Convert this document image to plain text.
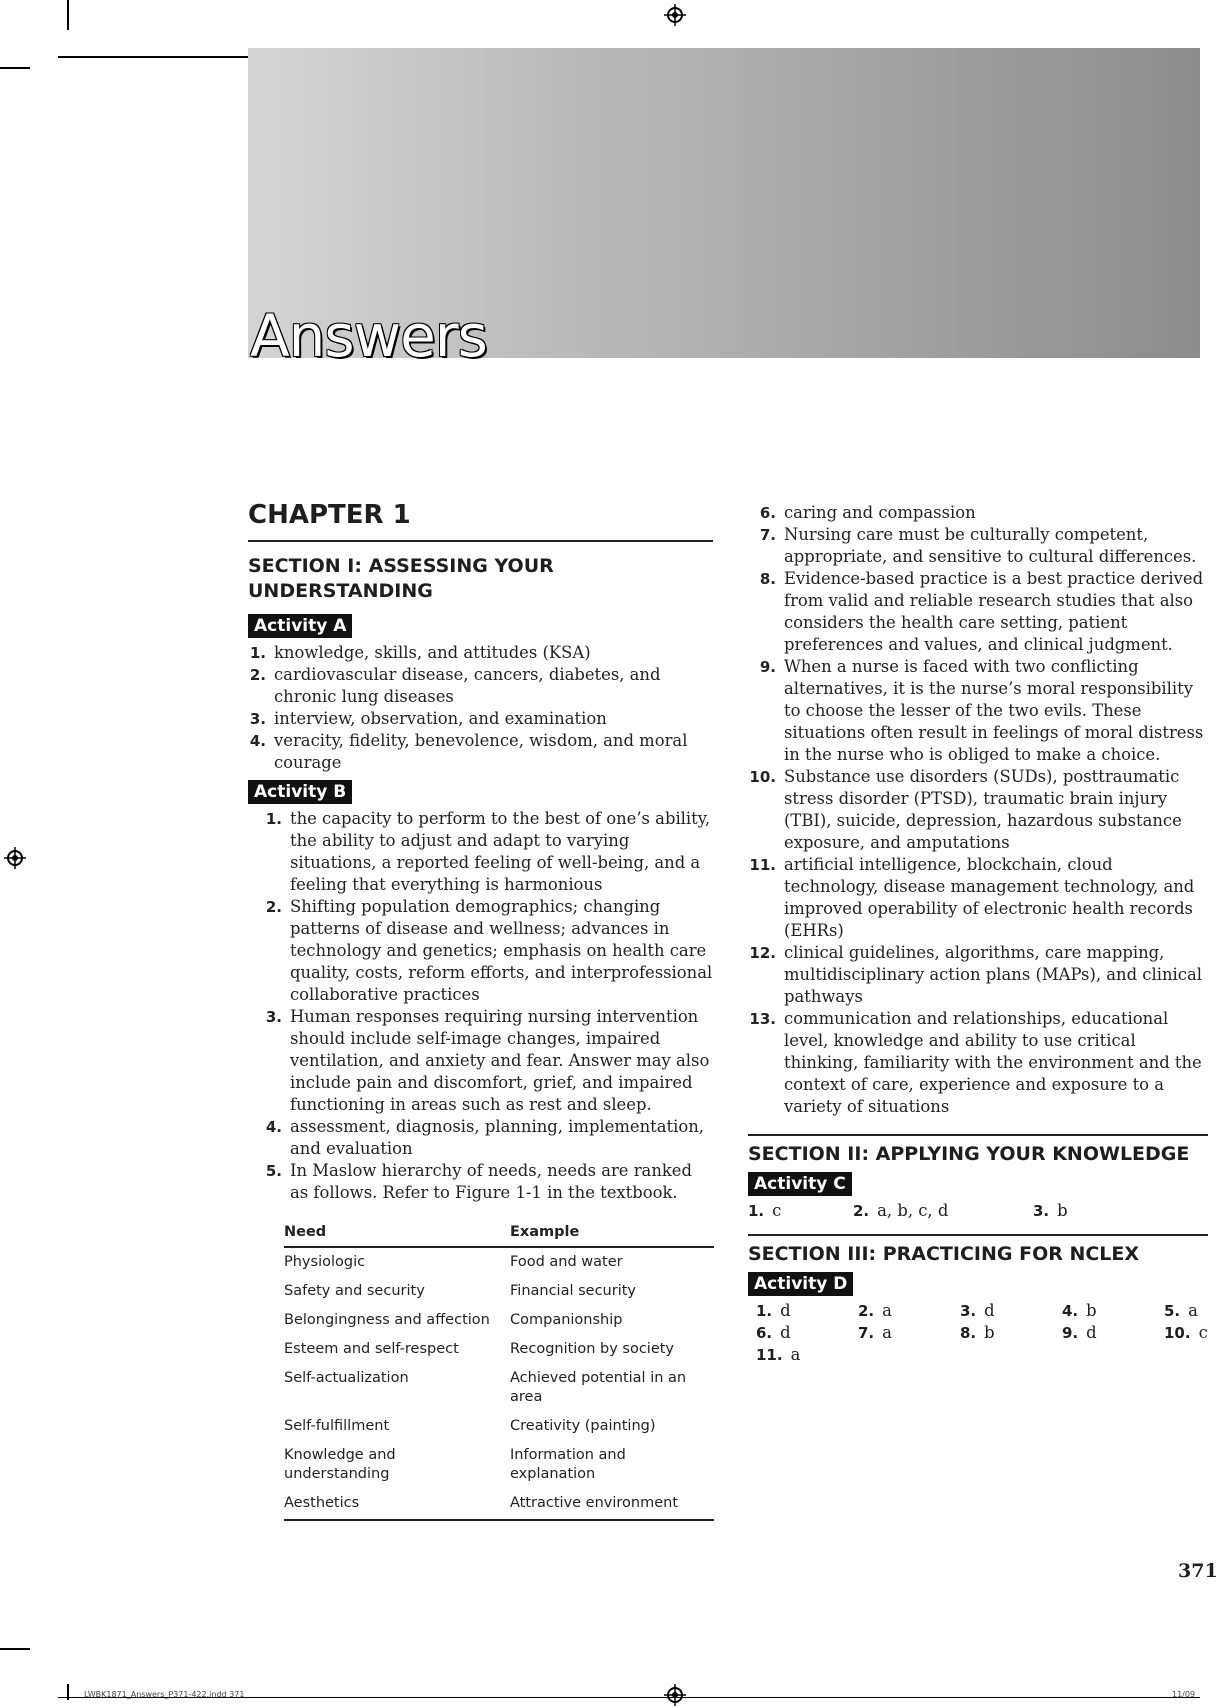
Answers
CHAPTER 1
SECTION I: ASSESSING YOUR
UNDERSTANDING
Activity A
1. knowledge, skills, and attitudes (KSA)
2. cardiovascular disease, cancers, diabetes, and chronic lung diseases
3. interview, observation, and examination
4. veracity, fidelity, benevolence, wisdom, and moral courage
Activity B
1. the capacity to perform to the best of one’s ability, the ability to adjust and adapt to varying situations, a reported feeling of well-being, and a feeling that everything is harmonious
2. Shifting population demographics; changing patterns of disease and wellness; advances in technology and genetics; emphasis on health care quality, costs, reform efforts, and interprofessional collaborative practices
3. Human responses requiring nursing intervention should include self-image changes, impaired ventilation, and anxiety and fear. Answer may also include pain and discomfort, grief, and impaired functioning in areas such as rest and sleep.
4. assessment, diagnosis, planning, implementation, and evaluation
5. In Maslow hierarchy of needs, needs are ranked as follows. Refer to Figure 1-1 in the textbook.
Need	Example
Physiologic	Food and water
Safety and security	Financial security
Belongingness and affection	Companionship
Esteem and self-respect	Recognition by society
Self-actualization	Achieved potential in an area
Self-fulfillment	Creativity (painting)
Knowledge and understanding	Information and explanation
Aesthetics	Attractive environment
6. caring and compassion
7. Nursing care must be culturally competent, appropriate, and sensitive to cultural differences.
8. Evidence-based practice is a best practice derived from valid and reliable research studies that also considers the health care setting, patient preferences and values, and clinical judgment.
9. When a nurse is faced with two conflicting alternatives, it is the nurse’s moral responsibility to choose the lesser of the two evils. These situations often result in feelings of moral distress in the nurse who is obliged to make a choice.
10. Substance use disorders (SUDs), posttraumatic stress disorder (PTSD), traumatic brain injury (TBI), suicide, depression, hazardous substance exposure, and amputations
11. artificial intelligence, blockchain, cloud technology, disease management technology, and improved operability of electronic health records (EHRs)
12. clinical guidelines, algorithms, care mapping, multidisciplinary action plans (MAPs), and clinical pathways
13. communication and relationships, educational level, knowledge and ability to use critical thinking, familiarity with the environment and the context of care, experience and exposure to a variety of situations
SECTION II: APPLYING YOUR KNOWLEDGE
Activity C
1. c	2. a, b, c, d	3. b
SECTION III: PRACTICING FOR NCLEX
Activity D
1. d	2. a	3. d	4. b	5. a
6. d	7. a	8. b	9. d	10. c
11. a
371
LWBK1871_Answers_P371-422.indd 371	11/09
